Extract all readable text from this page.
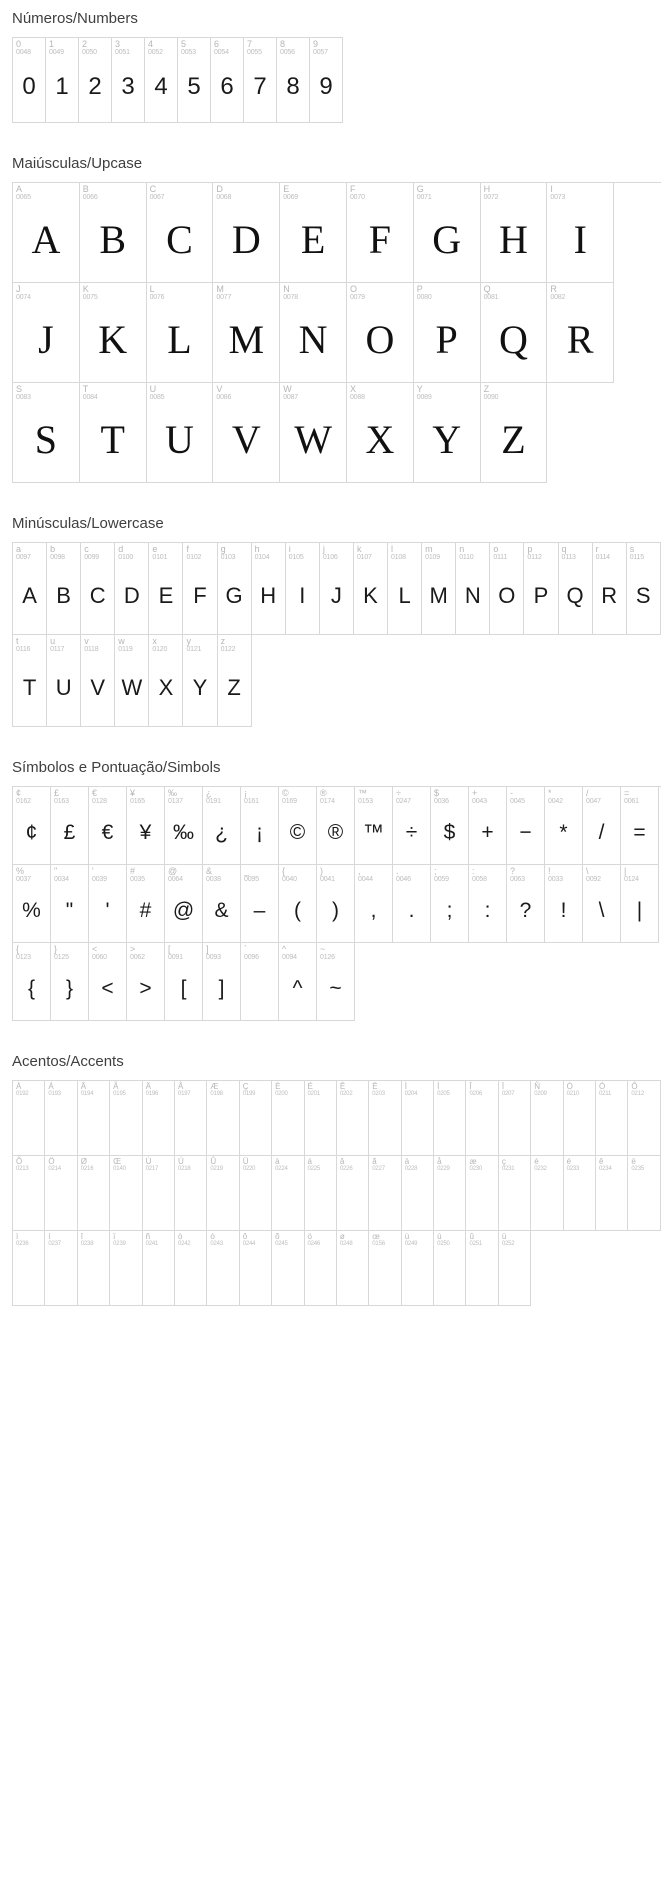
Números/Numbers
0
0048
0
1
0049
1
2
0050
2
3
0051
3
4
0052
4
5
0053
5
6
0054
6
7
0055
7
8
0056
8
9
0057
9
Maiúsculas/Upcase
A
0065
A
B
0066
B
C
0067
C
D
0068
D
E
0069
E
F
0070
F
G
0071
G
H
0072
H
I
0073
I
J
0074
J
K
0075
K
L
0076
L
M
0077
M
N
0078
N
O
0079
O
P
0080
P
Q
0081
Q
R
0082
R
S
0083
S
T
0084
T
U
0085
U
V
0086
V
W
0087
W
X
0088
X
Y
0089
Y
Z
0090
Z
Minúsculas/Lowercase
a
0097
A
b
0098
B
c
0099
C
d
0100
D
e
0101
E
f
0102
F
g
0103
G
h
0104
H
i
0105
I
j
0106
J
k
0107
K
l
0108
L
m
0109
M
n
0110
N
o
0111
O
p
0112
P
q
0113
Q
r
0114
R
s
0115
S
t
0116
T
u
0117
U
v
0118
V
w
0119
W
x
0120
X
y
0121
Y
z
0122
Z
Símbolos e Pontuação/Simbols
¢
0162
¢
£
0163
£
€
0128
€
¥
0165
¥
‰
0137
‰
¿
0191
¿
¡
0161
¡
©
0169
©
®
0174
®
™
0153
™
÷
0247
÷
$
0036
$
+
0043
+
-
0045
−
*
0042
*
/
0047
/
=
0061
=
%
0037
%
"
0034
"
'
0039
'
#
0035
#
@
0064
@
&
0038
&
_
0095
–
{
0040
(
)
0041
)
,
0044
,
.
0046
.
;
0059
;
:
0058
:
?
0063
?
!
0033
!
\
0092
\
|
0124
|
{
0123
{
}
0125
}
<
0060
<
>
0062
>
[
0091
[
]
0093
]
`
0096
^
0094
^
~
0126
~
Acentos/Accents
À
0192
Á
0193
Â
0194
Ã
0195
Ä
0196
Å
0197
Æ
0198
Ç
0199
È
0200
É
0201
Ê
0202
Ë
0203
Ì
0204
Í
0205
Î
0206
Ï
0207
Ñ
0209
Ò
0210
Ó
0211
Ô
0212
Õ
0213
Ö
0214
Ø
0216
Œ
0140
Ù
0217
Ú
0218
Û
0219
Ü
0220
à
0224
á
0225
â
0226
ã
0227
ä
0228
å
0229
æ
0230
ç
0231
è
0232
é
0233
ê
0234
ë
0235
ì
0236
í
0237
î
0238
ï
0239
ñ
0241
ò
0242
ó
0243
ô
0244
õ
0245
ö
0246
ø
0248
œ
0156
ù
0249
ú
0250
û
0251
ü
0252
